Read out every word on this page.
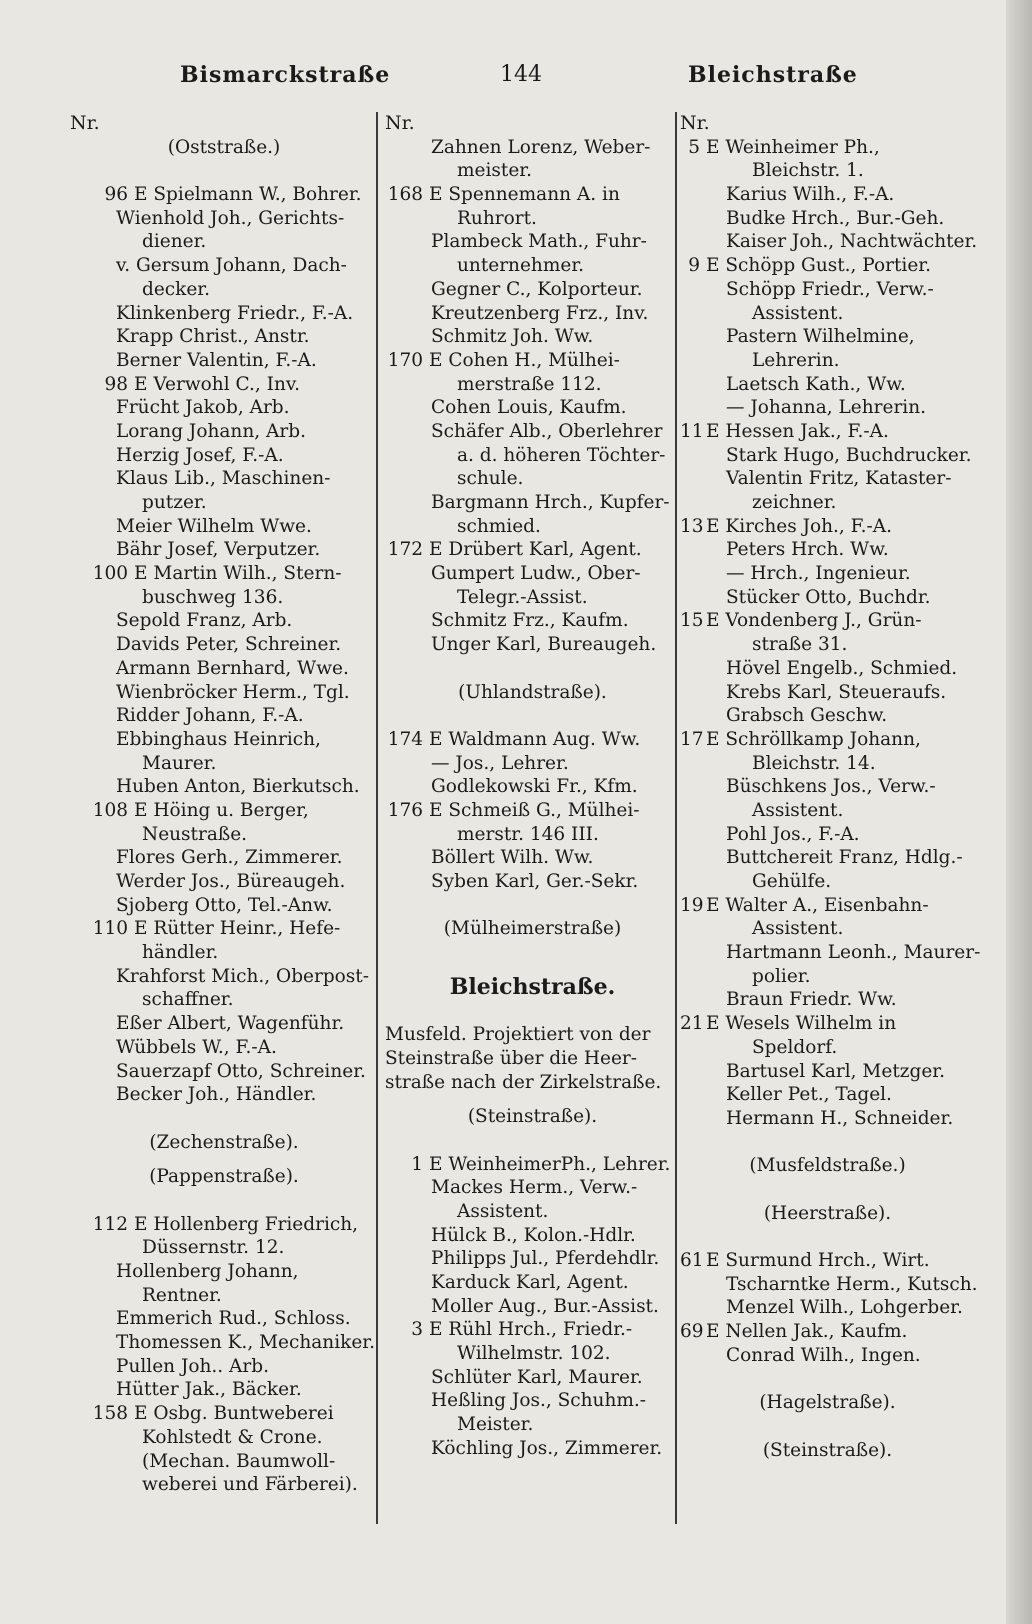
Bismarckstraße	144	Bleichstraße
Nr.
(Oststraße.)
96 E Spielmann W., Bohrer.
Wienhold Joh., Gerichts-
diener.
v. Gersum Johann, Dach-
decker.
Klinkenberg Friedr., F.-A.
Krapp Christ., Anstr.
Berner Valentin, F.-A.
98 E Verwohl C., Inv.
Frücht Jakob, Arb.
Lorang Johann, Arb.
Herzig Josef, F.-A.
Klaus Lib., Maschinen-
putzer.
Meier Wilhelm Wwe.
Bähr Josef, Verputzer.
100 E Martin Wilh., Stern-
buschweg 136.
Sepold Franz, Arb.
Davids Peter, Schreiner.
Armann Bernhard, Wwe.
Wienbröcker Herm., Tgl.
Ridder Johann, F.-A.
Ebbinghaus Heinrich,
Maurer.
Huben Anton, Bierkutsch.
108 E Höing u. Berger,
Neustraße.
Flores Gerh., Zimmerer.
Werder Jos., Büreaugeh.
Sjoberg Otto, Tel.-Anw.
110 E Rütter Heinr., Hefe-
händler.
Krahforst Mich., Oberpost-
schaffner.
Eßer Albert, Wagenführ.
Wübbels W., F.-A.
Sauerzapf Otto, Schreiner.
Becker Joh., Händler.
(Zechenstraße).
(Pappenstraße).
112 E Hollenberg Friedrich,
Düssernstr. 12.
Hollenberg Johann,
Rentner.
Emmerich Rud., Schloss.
Thomessen K., Mechaniker.
Pullen Joh.. Arb.
Hütter Jak., Bäcker.
158 E Osbg. Buntweberei
Kohlstedt & Crone.
(Mechan. Baumwoll-
weberei und Färberei).
Nr.
Zahnen Lorenz, Weber-
meister.
168 E Spennemann A. in
Ruhrort.
Plambeck Math., Fuhr-
unternehmer.
Gegner C., Kolporteur.
Kreutzenberg Frz., Inv.
Schmitz Joh. Ww.
170 E Cohen H., Mülhei-
merstraße 112.
Cohen Louis, Kaufm.
Schäfer Alb., Oberlehrer
a. d. höheren Töchter-
schule.
Bargmann Hrch., Kupfer-
schmied.
172 E Drübert Karl, Agent.
Gumpert Ludw., Ober-
Telegr.-Assist.
Schmitz Frz., Kaufm.
Unger Karl, Bureaugeh.
(Uhlandstraße).
174 E Waldmann Aug. Ww.
— Jos., Lehrer.
Godlekowski Fr., Kfm.
176 E Schmeiß G., Mülhei-
merstr. 146 III.
Böllert Wilh. Ww.
Syben Karl, Ger.-Sekr.
(Mülheimerstraße)
Bleichstraße.
Musfeld. Projektiert von der
Steinstraße über die Heer-
straße nach der Zirkelstraße.
(Steinstraße).
1 E WeinheimerPh., Lehrer.
Mackes Herm., Verw.-
Assistent.
Hülck B., Kolon.-Hdlr.
Philipps Jul., Pferdehdlr.
Karduck Karl, Agent.
Moller Aug., Bur.-Assist.
3 E Rühl Hrch., Friedr.-
Wilhelmstr. 102.
Schlüter Karl, Maurer.
Heßling Jos., Schuhm.-
Meister.
Köchling Jos., Zimmerer.
Nr.
5 E Weinheimer Ph.,
Bleichstr. 1.
Karius Wilh., F.-A.
Budke Hrch., Bur.-Geh.
Kaiser Joh., Nachtwächter.
9 E Schöpp Gust., Portier.
Schöpp Friedr., Verw.-
Assistent.
Pastern Wilhelmine,
Lehrerin.
Laetsch Kath., Ww.
— Johanna, Lehrerin.
11 E Hessen Jak., F.-A.
Stark Hugo, Buchdrucker.
Valentin Fritz, Kataster-
zeichner.
13 E Kirches Joh., F.-A.
Peters Hrch. Ww.
— Hrch., Ingenieur.
Stücker Otto, Buchdr.
15 E Vondenberg J., Grün-
straße 31.
Hövel Engelb., Schmied.
Krebs Karl, Steueraufs.
Grabsch Geschw.
17 E Schröllkamp Johann,
Bleichstr. 14.
Büschkens Jos., Verw.-
Assistent.
Pohl Jos., F.-A.
Buttchereit Franz, Hdlg.-
Gehülfe.
19 E Walter A., Eisenbahn-
Assistent.
Hartmann Leonh., Maurer-
polier.
Braun Friedr. Ww.
21 E Wesels Wilhelm in
Speldorf.
Bartusel Karl, Metzger.
Keller Pet., Tagel.
Hermann H., Schneider.
(Musfeldstraße.)
(Heerstraße).
61 E Surmund Hrch., Wirt.
Tscharntke Herm., Kutsch.
Menzel Wilh., Lohgerber.
69 E Nellen Jak., Kaufm.
Conrad Wilh., Ingen.
(Hagelstraße).
(Steinstraße).
